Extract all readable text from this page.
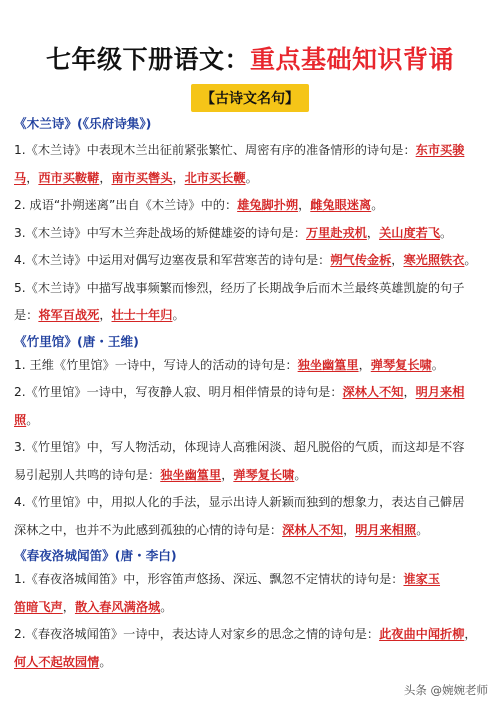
七年级下册语文：重点基础知识背诵
【古诗文名句】
《木兰诗》(《乐府诗集》)
1.《木兰诗》中表现木兰出征前紧张繁忙、周密有序的准备情形的诗句是：东市买骏
马，西市买鞍鞯，南市买辔头，北市买长鞭。
2. 成语“扑朔迷离”出自《木兰诗》中的：雄兔脚扑朔，雌兔眼迷离。
3.《木兰诗》中写木兰奔赴战场的矫健雄姿的诗句是：万里赴戎机，关山度若飞。
4.《木兰诗》中运用对偶写边塞夜景和军营寒苦的诗句是：朔气传金柝，寒光照铁衣。
5.《木兰诗》中描写战事频繁而惨烈，经历了长期战争后而木兰最终英雄凯旋的句子
是：将军百战死，壮士十年归。
《竹里馆》(唐・王维)
1. 王维《竹里馆》一诗中，写诗人的活动的诗句是：独坐幽篁里，弹琴复长啸。
2.《竹里馆》一诗中，写夜静人寂、明月相伴情景的诗句是：深林人不知，明月来相
照。
3.《竹里馆》中，写人物活动，体现诗人高雅闲淡、超凡脱俗的气质，而这却是不容
易引起别人共鸣的诗句是：独坐幽篁里，弹琴复长啸。
4.《竹里馆》中，用拟人化的手法，显示出诗人新颖而独到的想象力，表达自己僻居
深林之中，也并不为此感到孤独的心情的诗句是：深林人不知，明月来相照。
《春夜洛城闻笛》(唐・李白)
1.《春夜洛城闻笛》中，形容笛声悠扬、深远、飘忽不定情状的诗句是：谁家玉
笛暗飞声，散入春风满洛城。
2.《春夜洛城闻笛》一诗中，表达诗人对家乡的思念之情的诗句是：此夜曲中闻折柳，
何人不起故园情。
头条 @婉婉老师
